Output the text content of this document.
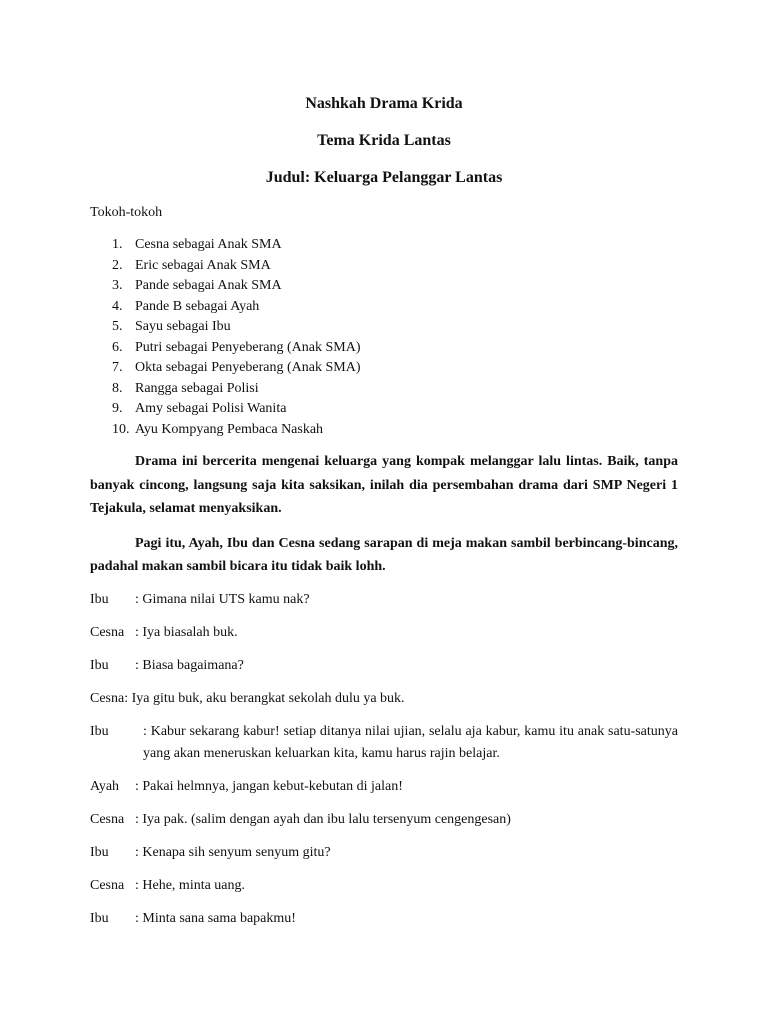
Nashkah Drama Krida
Tema Krida Lantas
Judul: Keluarga Pelanggar Lantas

Tokoh-tokoh

1. Cesna sebagai Anak SMA
2. Eric sebagai Anak SMA
3. Pande sebagai Anak SMA
4. Pande B sebagai Ayah
5. Sayu sebagai Ibu
6. Putri sebagai Penyeberang (Anak SMA)
7. Okta sebagai Penyeberang (Anak SMA)
8. Rangga sebagai Polisi
9. Amy sebagai Polisi Wanita
10. Ayu Kompyang Pembaca Naskah

Drama ini bercerita mengenai keluarga yang kompak melanggar lalu lintas. Baik, tanpa banyak cincong, langsung saja kita saksikan, inilah dia persembahan drama dari SMP Negeri 1 Tejakula, selamat menyaksikan.

Pagi itu, Ayah, Ibu dan Cesna sedang sarapan di meja makan sambil berbincang-bincang, padahal makan sambil bicara itu tidak baik lohh.

Ibu	: Gimana nilai UTS kamu nak?
Cesna : Iya biasalah buk.
Ibu	: Biasa bagaimana?
Cesna: Iya gitu buk, aku berangkat sekolah dulu ya buk.
Ibu	: Kabur sekarang kabur! setiap ditanya nilai ujian, selalu aja kabur, kamu itu anak satu-satunya yang akan meneruskan keluarkan kita, kamu harus rajin belajar.
Ayah	: Pakai helmnya, jangan kebut-kebutan di jalan!
Cesna : Iya pak. (salim dengan ayah dan ibu lalu tersenyum cengengesan)
Ibu	: Kenapa sih senyum senyum gitu?
Cesna : Hehe, minta uang.
Ibu	: Minta sana sama bapakmu!
